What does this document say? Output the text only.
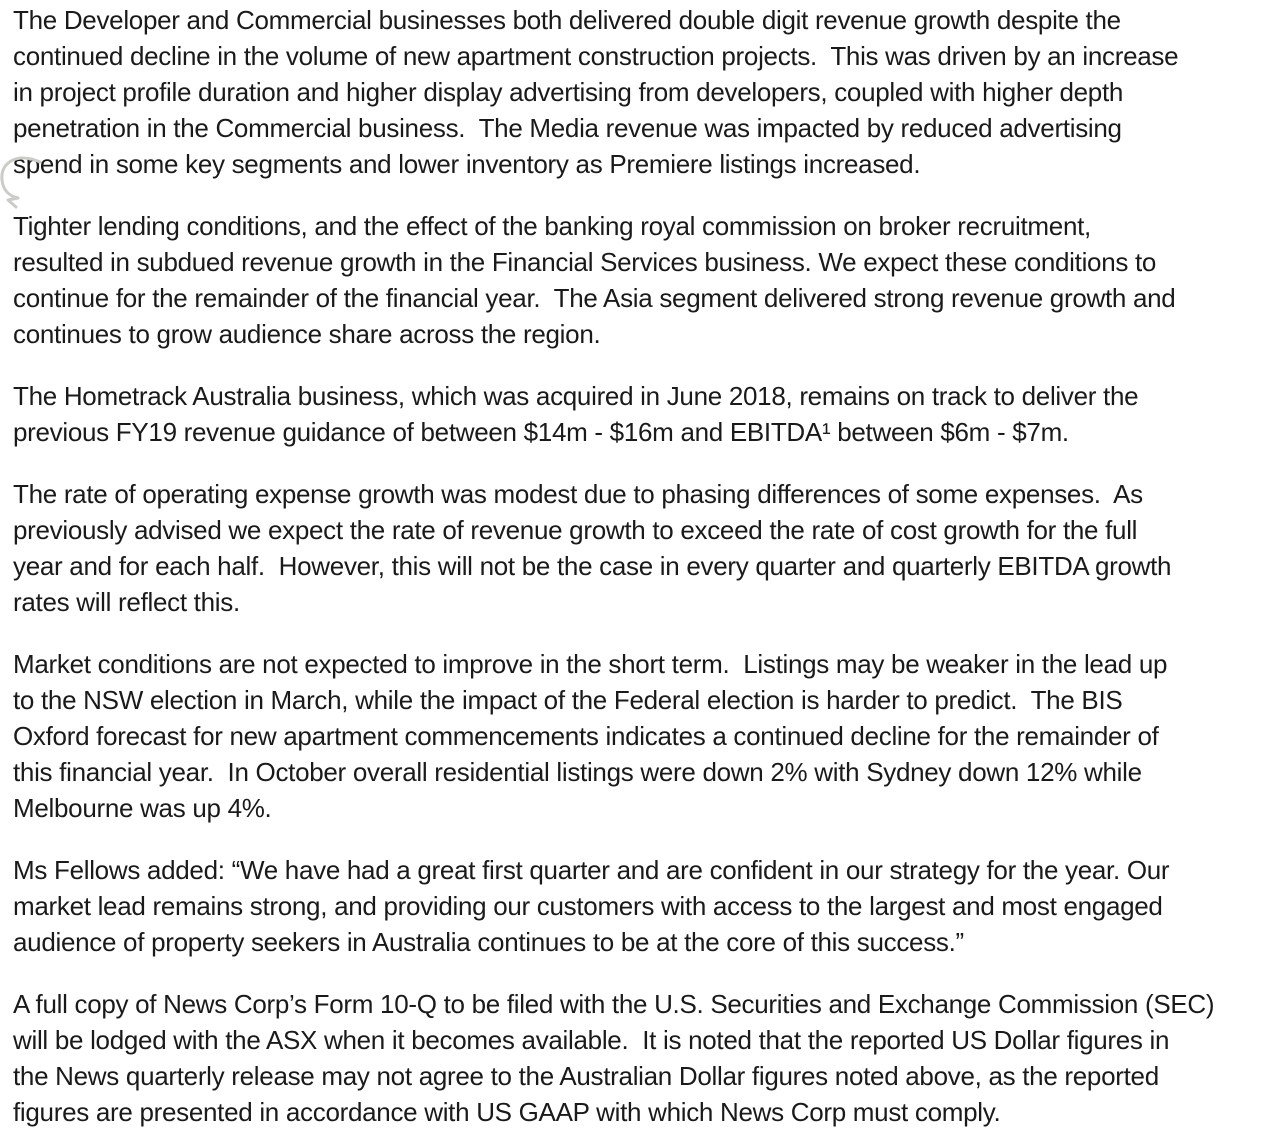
The Developer and Commercial businesses both delivered double digit revenue growth despite the
continued decline in the volume of new apartment construction projects.  This was driven by an increase
in project profile duration and higher display advertising from developers, coupled with higher depth
penetration in the Commercial business.  The Media revenue was impacted by reduced advertising
spend in some key segments and lower inventory as Premiere listings increased.
Tighter lending conditions, and the effect of the banking royal commission on broker recruitment,
resulted in subdued revenue growth in the Financial Services business. We expect these conditions to
continue for the remainder of the financial year.  The Asia segment delivered strong revenue growth and
continues to grow audience share across the region.
The Hometrack Australia business, which was acquired in June 2018, remains on track to deliver the
previous FY19 revenue guidance of between $14m - $16m and EBITDA¹ between $6m - $7m.
The rate of operating expense growth was modest due to phasing differences of some expenses.  As
previously advised we expect the rate of revenue growth to exceed the rate of cost growth for the full
year and for each half.  However, this will not be the case in every quarter and quarterly EBITDA growth
rates will reflect this.
Market conditions are not expected to improve in the short term.  Listings may be weaker in the lead up
to the NSW election in March, while the impact of the Federal election is harder to predict.  The BIS
Oxford forecast for new apartment commencements indicates a continued decline for the remainder of
this financial year.  In October overall residential listings were down 2% with Sydney down 12% while
Melbourne was up 4%.
Ms Fellows added: “We have had a great first quarter and are confident in our strategy for the year. Our
market lead remains strong, and providing our customers with access to the largest and most engaged
audience of property seekers in Australia continues to be at the core of this success.”
A full copy of News Corp’s Form 10-Q to be filed with the U.S. Securities and Exchange Commission (SEC)
will be lodged with the ASX when it becomes available.  It is noted that the reported US Dollar figures in
the News quarterly release may not agree to the Australian Dollar figures noted above, as the reported
figures are presented in accordance with US GAAP with which News Corp must comply.
